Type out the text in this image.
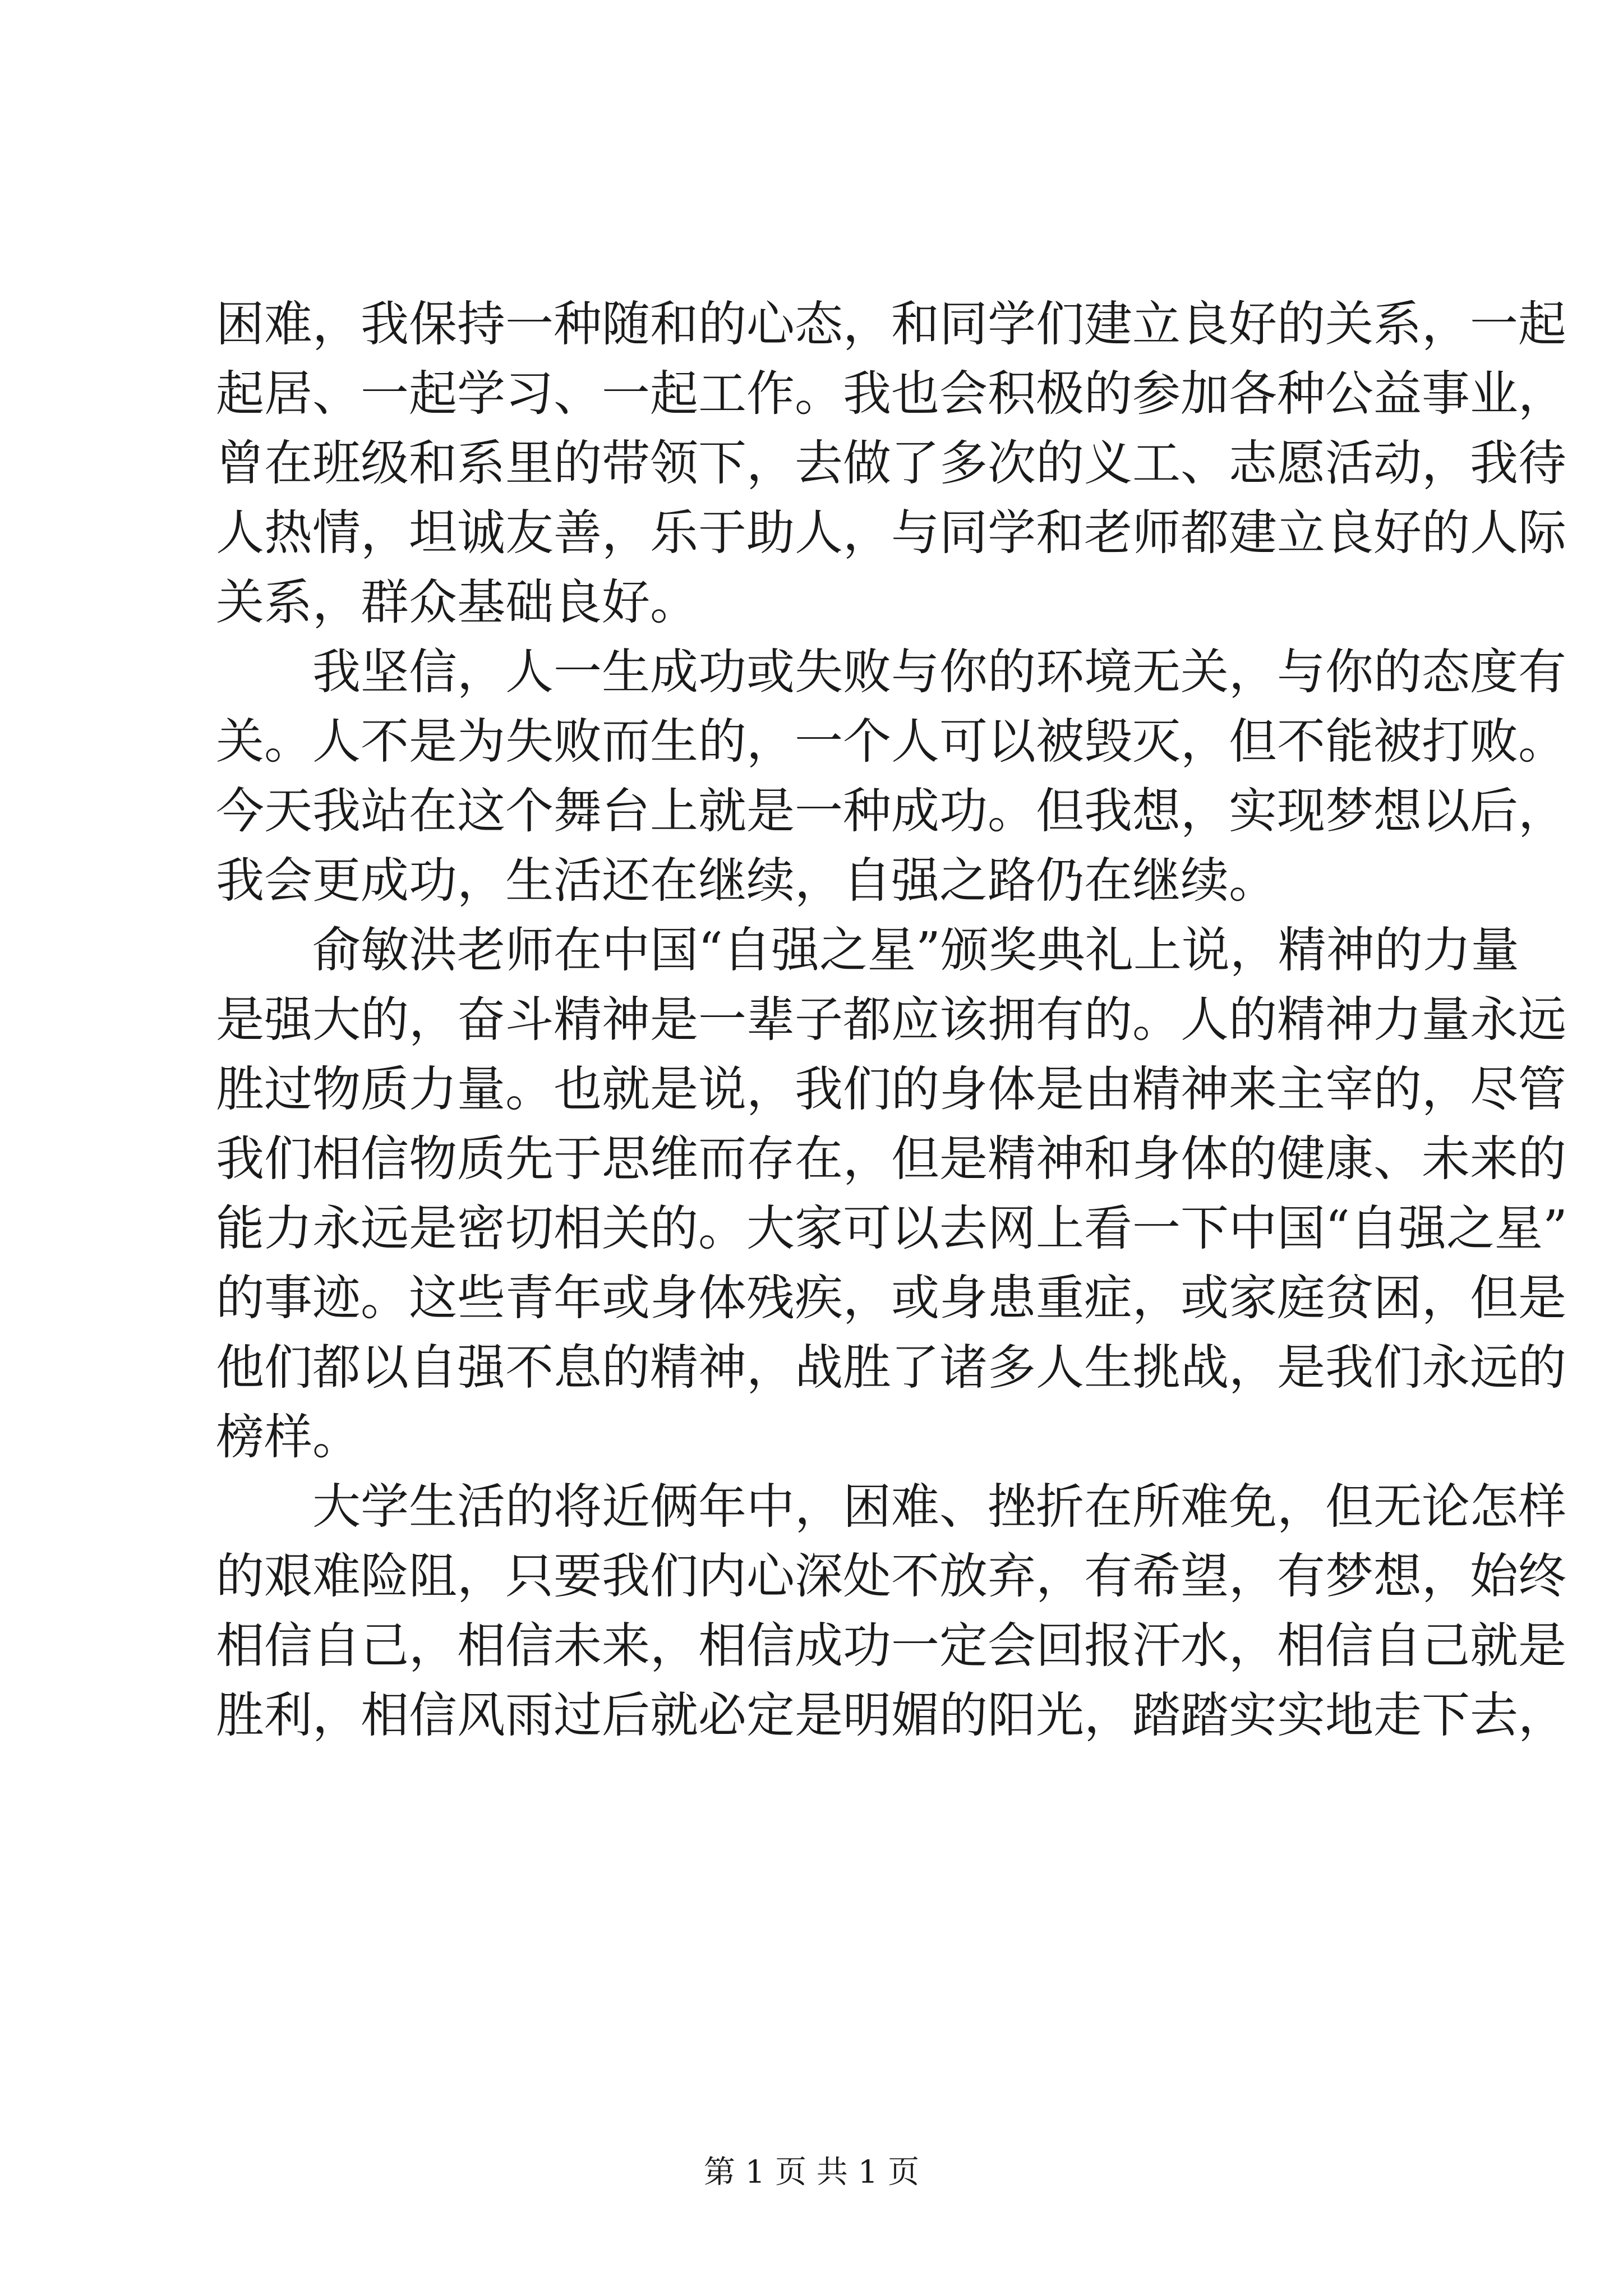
困难，我保持一种随和的心态，和同学们建立良好的关系，一起
起居、一起学习、一起工作。我也会积极的参加各种公益事业，
曾在班级和系里的带领下，去做了多次的义工、志愿活动，我待
人热情，坦诚友善，乐于助人，与同学和老师都建立良好的人际
关系，群众基础良好。
我坚信，人一生成功或失败与你的环境无关，与你的态度有
关。人不是为失败而生的，一个人可以被毁灭，但不能被打败。
今天我站在这个舞台上就是一种成功。但我想，实现梦想以后，
我会更成功，生活还在继续，自强之路仍在继续。
俞敏洪老师在中国“自强之星”颁奖典礼上说，精神的力量
是强大的，奋斗精神是一辈子都应该拥有的。人的精神力量永远
胜过物质力量。也就是说，我们的身体是由精神来主宰的，尽管
我们相信物质先于思维而存在，但是精神和身体的健康、未来的
能力永远是密切相关的。大家可以去网上看一下中国“自强之星”
的事迹。这些青年或身体残疾，或身患重症，或家庭贫困，但是
他们都以自强不息的精神，战胜了诸多人生挑战，是我们永远的
榜样。
大学生活的将近俩年中，困难、挫折在所难免，但无论怎样
的艰难险阻，只要我们内心深处不放弃，有希望，有梦想，始终
相信自己，相信未来，相信成功一定会回报汗水，相信自己就是
胜利，相信风雨过后就必定是明媚的阳光，踏踏实实地走下去，
第 1 页 共 1 页
